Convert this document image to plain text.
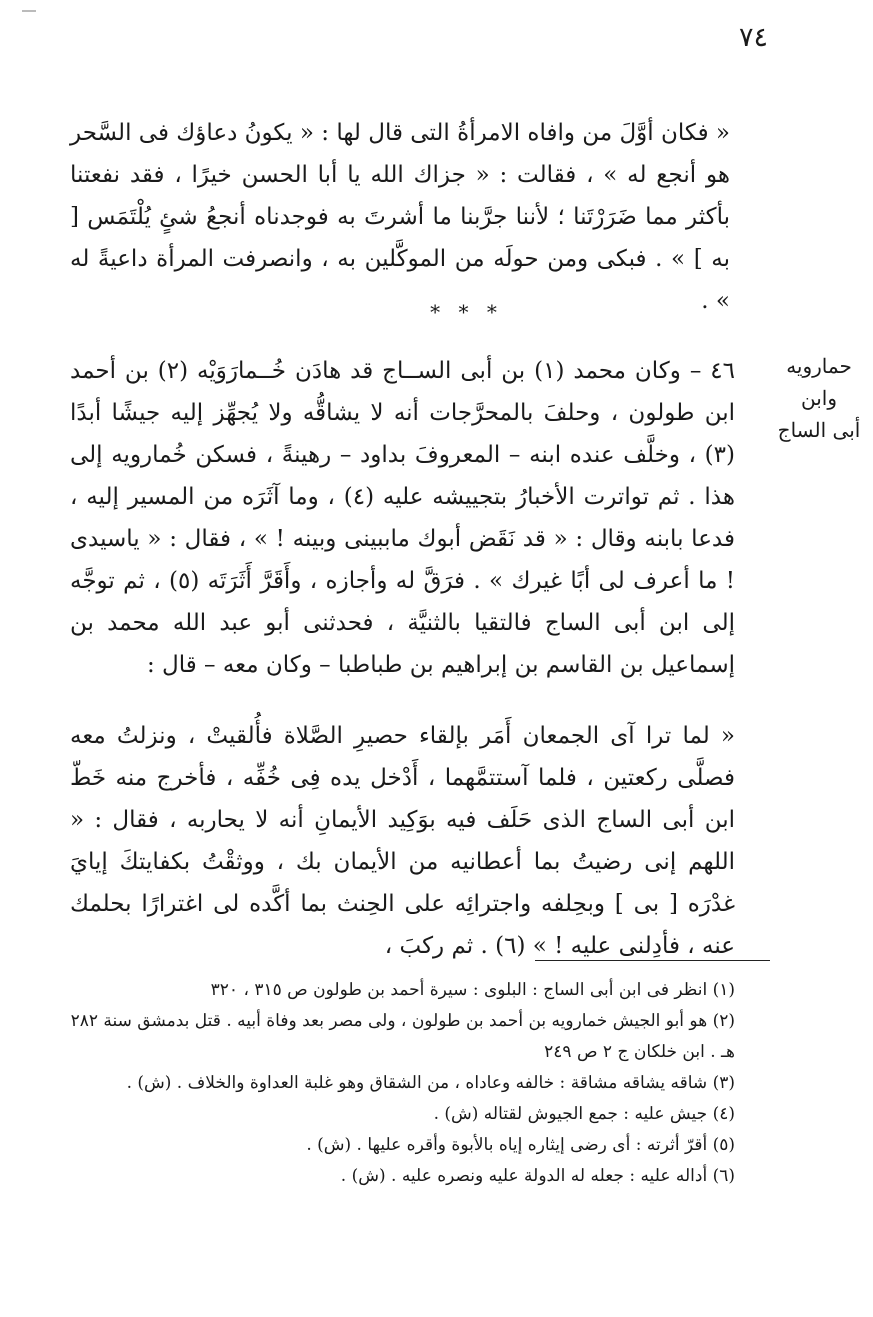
٧٤

« فكان أوَّلَ من وافاه الامرأةُ التى قال لها : « يكونُ دعاؤك فى السَّحر هو أنجع له » ، فقالت : « جزاك الله يا أبا الحسن خيرًا ، فقد نفعتنا بأكثر مما ضَرَرْتَنا ؛ لأننا جرَّبنا ما أشرتَ به فوجدناه أنجعُ شئٍ يُلْتَمَس [ به ] » . فبكى ومن حولَه من الموكَّلين به ، وانصرفت المرأة داعيةً له » .

* * *
حمارويه وابن
أبى الساج

٤٦ – وكان محمد (١) بن أبى الســاج قد هادَن خُــمارَوَيْه (٢) بن أحمد ابن طولون ، وحلفَ بالمحرَّجات أنه لا يشاقُّه ولا يُجهِّز إليه جيشًا أبدًا (٣) ، وخلَّف عنده ابنه – المعروفَ بداود – رهينةً ، فسكن خُمارويه إلى هذا . ثم تواترت الأخبارُ بتجييشه عليه (٤) ، وما آثَرَه من المسير إليه ، فدعا بابنه وقال : « قد نَقَض أبوك ماببينى وبينه ! » ، فقال : « ياسيدى ! ما أعرف لى أبًا غيرك » . فرَقَّ له وأجازه ، وأَقَرَّ أَثَرَتَه (٥) ، ثم توجَّه إلى ابن أبى الساج فالتقيا بالثنيَّة ، فحدثنى أبو عبد الله محمد بن إسماعيل بن القاسم بن إبراهيم بن طباطبا – وكان معه – قال :

« لما ترا آى الجمعان أَمَر بإلقاء حصيرِ الصَّلاة فأُلقيتْ ، ونزلتُ معه فصلَّى ركعتين ، فلما آستتمَّهما ، أَدْخل يده فِى خُفِّه ، فأخرج منه خَطّ ابن أبى الساج الذى حَلَف فيه بوَكِيد الأيمانِ أنه لا يحاربه ، فقال : « اللهم إنى رضيتُ بما أعطانيه من الأيمان بك ، ووثقْتُ بكفايتكَ إيايَ غدْرَه [ بى ] وبحِلفه واجترائِه على الحِنث بما أكَّده لى اغترارًا بحلمك عنه ، فأدِلنى عليه ! » (٦) . ثم ركبَ ،

(١) انظر فى ابن أبى الساج : البلوى : سيرة أحمد بن طولون ص ٣١٥ ، ٣٢٠

(٢) هو أبو الجيش خمارويه بن أحمد بن طولون ، ولى مصر بعد وفاة أبيه . قتل بدمشق سنة ٢٨٢ هـ . ابن خلكان ج ٢ ص ٢٤٩

(٣) شاقه يشاقه مشاقة : خالفه وعاداه ، من الشقاق وهو غلبة العداوة والخلاف . (ش) .

(٤) جيش عليه : جمع الجيوش لقتاله (ش) .

(٥) أقرّ أثرته : أى رضى إيثاره إياه بالأبوة وأقره عليها . (ش) .

(٦) أداله عليه : جعله له الدولة عليه ونصره عليه . (ش) .
